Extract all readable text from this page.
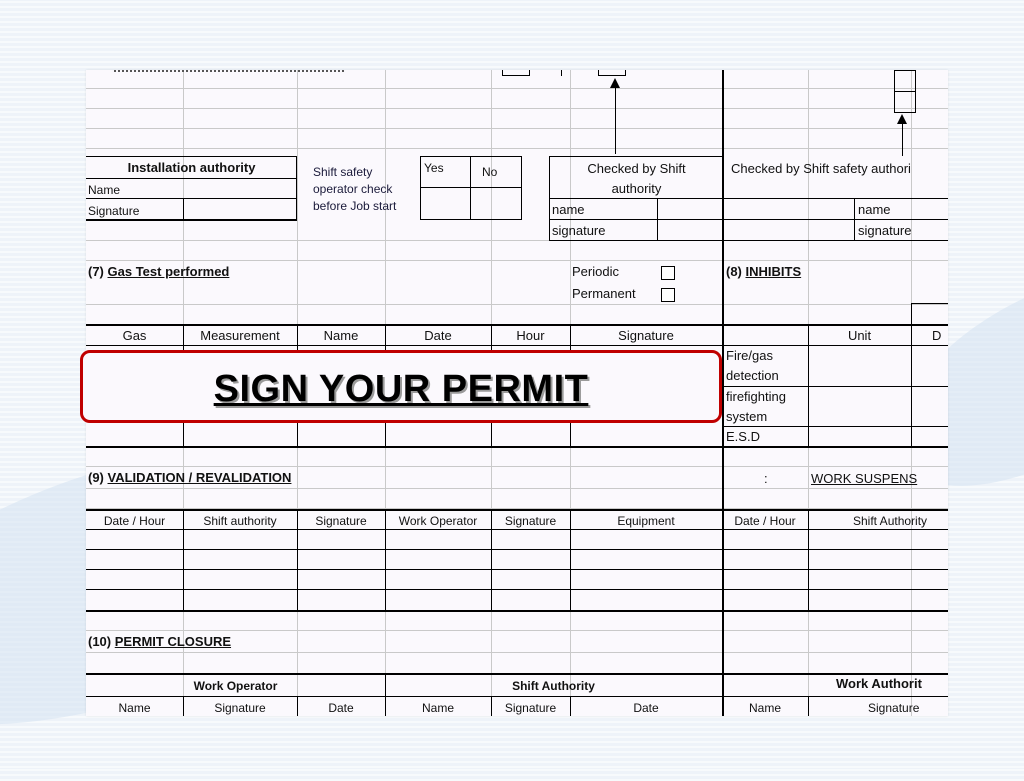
Installation authority
Name
Signature
Shift safety
operator check
before Job start
Yes	No	Checked by Shift
authority
name
signature
Checked by Shift safety authori
name
signature
(7) Gas Test performed	Periodic
Permanent
(8) INHIBITS
Gas	Measurement	Name	Date	Hour	Signature	Unit	D
Fire/gas
detection
firefighting
system
E.S.D
(9) VALIDATION / REVALIDATION	:	WORK SUSPENS
Date / Hour	Shift authority	Signature	Work Operator	Signature	Equipment	Date / Hour	Shift Authority
(10) PERMIT CLOSURE
Work Operator	Shift Authority	Work Authorit
Name	Signature	Date	Name	Signature	Date	Name	Signature
SIGN YOUR PERMIT
